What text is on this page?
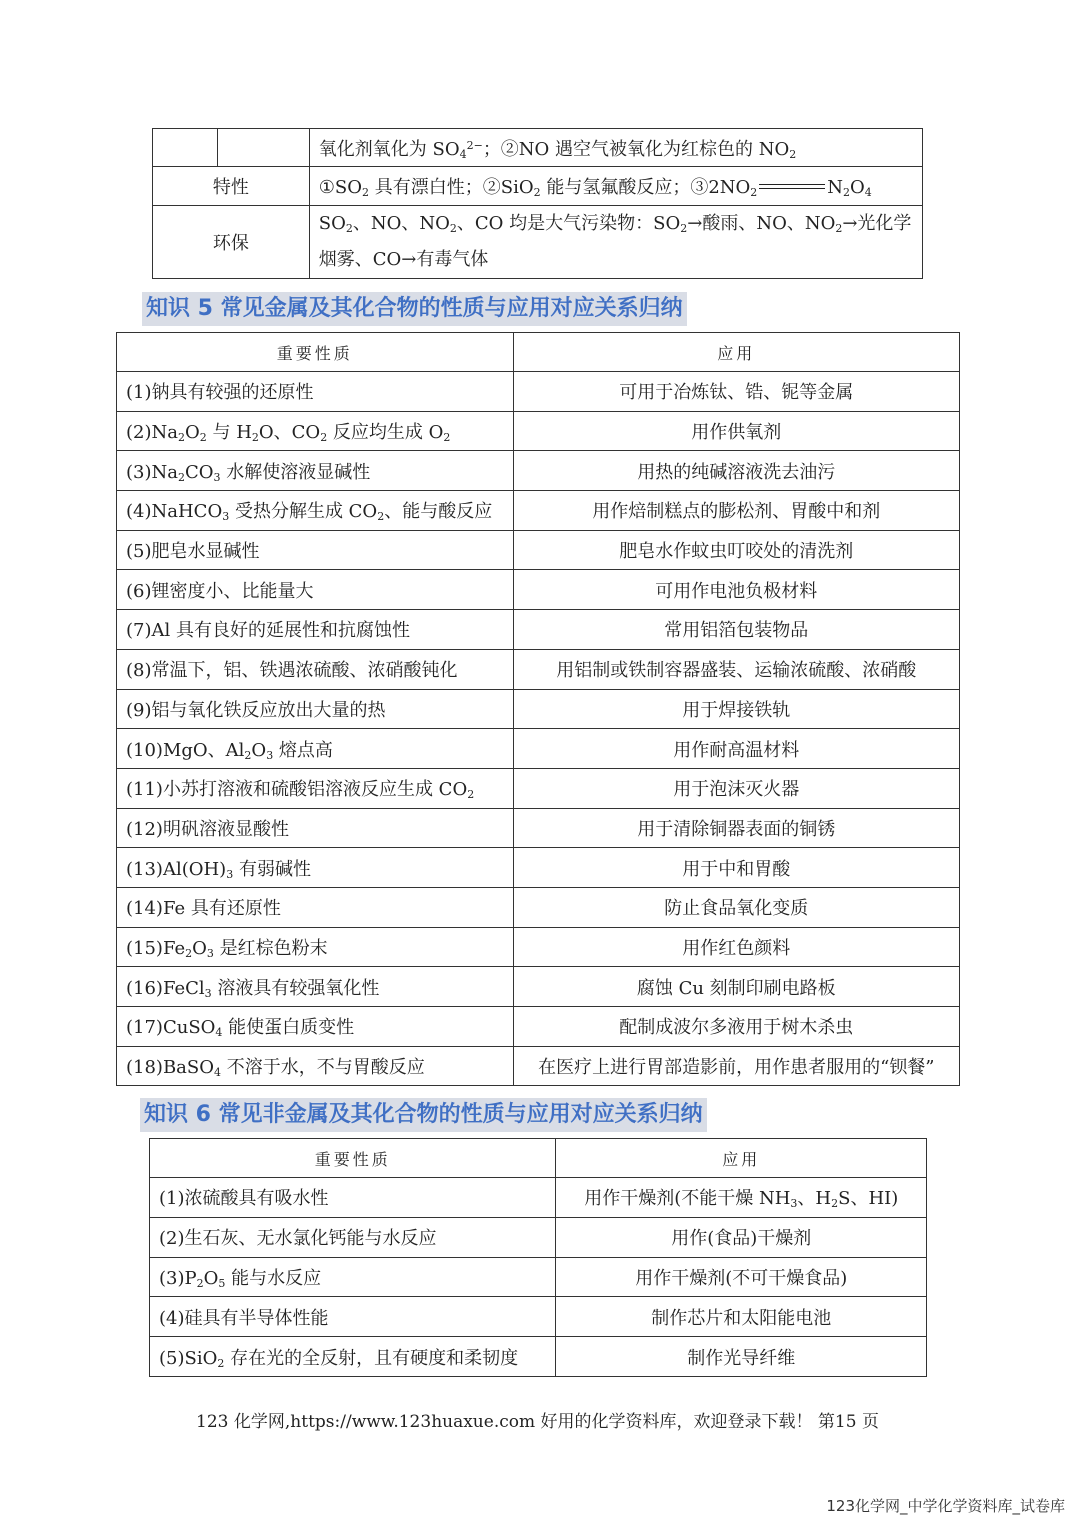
		氧化剂氧化为 $SO_4^{2-}$；②NO 遇空气被氧化为红棕色的 $NO_2$
特性		$①SO_2$ 具有漂白性；②SiO$_2$ 能与氢氟酸反应；$③2NO_2$ $N_2O_4$
环保		$SO_2$、NO、$NO_2$、CO 均是大气污染物：$SO_2\to$酸雨、NO、$NO_2\to$光化学烟雾、CO→有毒气体
知识 5 常见金属及其化合物的性质与应用对应关系归纳
重要性质	应用
(1)钠具有较强的还原性	可用于冶炼钛、锆、铌等金属
$(2)Na_2O_2$ 与 $H_2O$、$CO_2$ 反应均生成 $O_2$	用作供氧剂
$(3)Na_2CO_3$ 水解使溶液显碱性	用热的纯碱溶液洗去油污
(4)NaHCO$_3$ 受热分解生成 $CO_2$、能与酸反应	用作焙制糕点的膨松剂、胃酸中和剂
(5)肥皂水显碱性	肥皂水作蚊虫叮咬处的清洗剂
(6)锂密度小、比能量大	可用作电池负极材料
(7)Al 具有良好的延展性和抗腐蚀性	常用铝箔包装物品
(8)常温下，铝、铁遇浓硫酸、浓硝酸钝化	用铝制或铁制容器盛装、运输浓硫酸、浓硝酸
(9)铝与氧化铁反应放出大量的热	用于焊接铁轨
(10)MgO、$Al_2O_3$ 熔点高	用作耐高温材料
(11)小苏打溶液和硫酸铝溶液反应生成 $CO_2$	用于泡沫灭火器
(12)明矾溶液显酸性	用于清除铜器表面的铜锈
$(13)Al(OH)_3$ 有弱碱性	用于中和胃酸
(14)Fe 具有还原性	防止食品氧化变质
$(15)Fe_2O_3$ 是红棕色粉末	用作红色颜料
(16)FeCl$_3$ 溶液具有较强氧化性	腐蚀 Cu 刻制印刷电路板
(17)CuSO$_4$ 能使蛋白质变性	配制成波尔多液用于树木杀虫
(18)BaSO$_4$ 不溶于水，不与胃酸反应	在医疗上进行胃部造影前，用作患者服用的“钡餐”
知识 6 常见非金属及其化合物的性质与应用对应关系归纳
重要性质	应用
(1)浓硫酸具有吸水性	用作干燥剂(不能干燥 $NH_3$、$H_2S$、HI)
(2)生石灰、无水氯化钙能与水反应	用作(食品)干燥剂
$(3)P_2O_5$ 能与水反应	用作干燥剂(不可干燥食品)
(4)硅具有半导体性能	制作芯片和太阳能电池
(5)SiO$_2$ 存在光的全反射，且有硬度和柔韧度	制作光导纤维
123 化学网,https://www.123huaxue.com 好用的化学资料库，欢迎登录下载！ 第15 页
123化学网_中学化学资料库_试卷库
